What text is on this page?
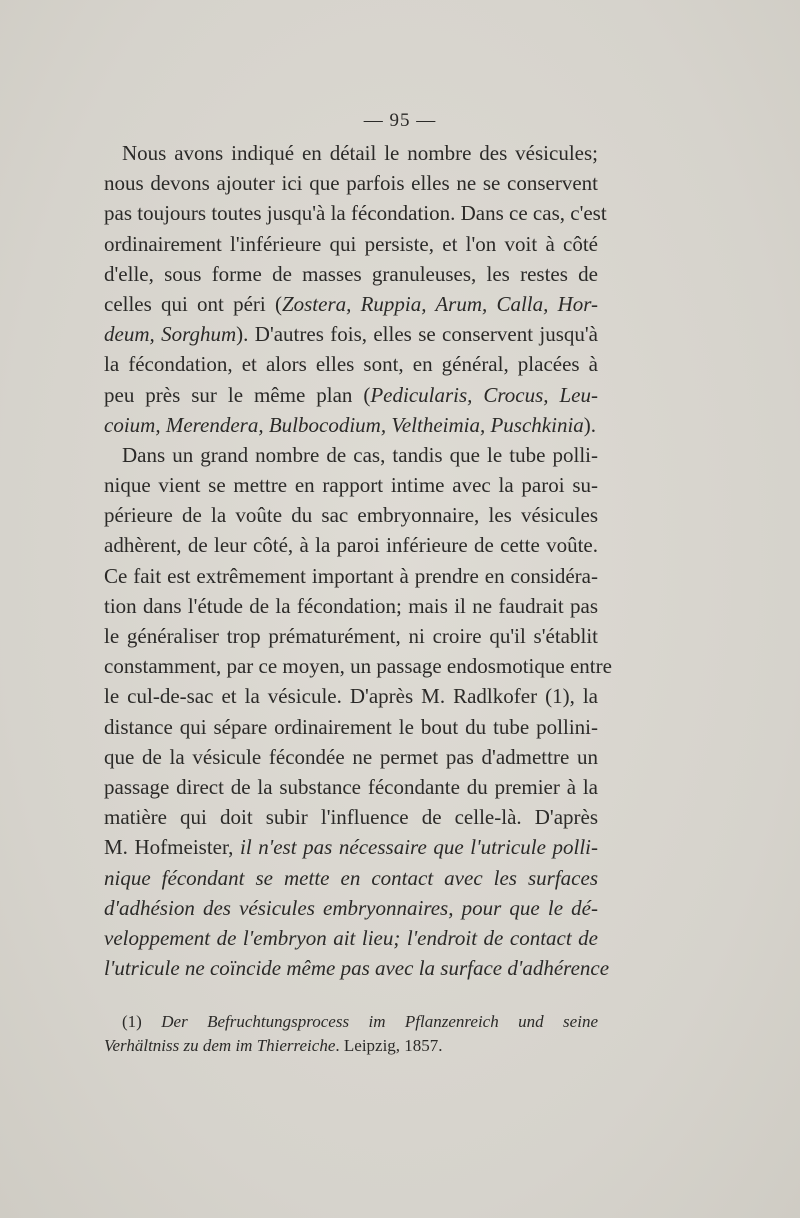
— 95 —
Nous avons indiqué en détail le nombre des vésicules;
nous devons ajouter ici que parfois elles ne se conservent
pas toujours toutes jusqu'à la fécondation. Dans ce cas, c'est
ordinairement l'inférieure qui persiste, et l'on voit à côté
d'elle, sous forme de masses granuleuses, les restes de
celles qui ont péri (Zostera, Ruppia, Arum, Calla, Hor-
deum, Sorghum). D'autres fois, elles se conservent jusqu'à
la fécondation, et alors elles sont, en général, placées à
peu près sur le même plan (Pedicularis, Crocus, Leu-
coium, Merendera, Bulbocodium, Veltheimia, Puschkinia).
Dans un grand nombre de cas, tandis que le tube polli-
nique vient se mettre en rapport intime avec la paroi su-
périeure de la voûte du sac embryonnaire, les vésicules
adhèrent, de leur côté, à la paroi inférieure de cette voûte.
Ce fait est extrêmement important à prendre en considéra-
tion dans l'étude de la fécondation; mais il ne faudrait pas
le généraliser trop prématurément, ni croire qu'il s'établit
constamment, par ce moyen, un passage endosmotique entre
le cul-de-sac et la vésicule. D'après M. Radlkofer (1), la
distance qui sépare ordinairement le bout du tube pollini-
que de la vésicule fécondée ne permet pas d'admettre un
passage direct de la substance fécondante du premier à la
matière qui doit subir l'influence de celle-là. D'après
M. Hofmeister, il n'est pas nécessaire que l'utricule polli-
nique fécondant se mette en contact avec les surfaces
d'adhésion des vésicules embryonnaires, pour que le dé-
veloppement de l'embryon ait lieu; l'endroit de contact de
l'utricule ne coïncide même pas avec la surface d'adhérence
(1) Der Befruchtungsprocess im Pflanzenreich und seine
Verhältniss zu dem im Thierreiche. Leipzig, 1857.
